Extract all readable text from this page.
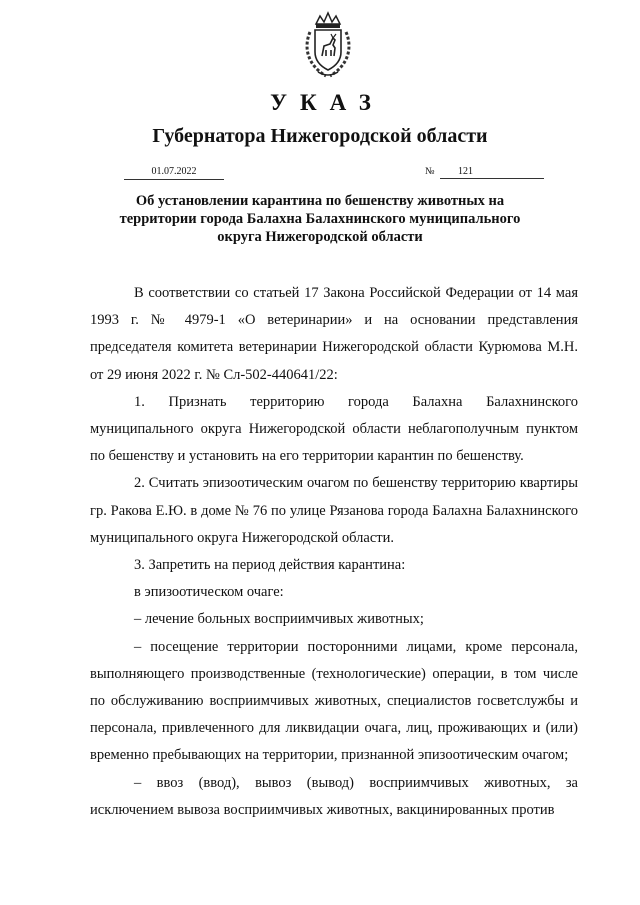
УКАЗ
Губернатора Нижегородской области
01.07.2022	№	121
Об установлении карантина по бешенству животных на
территории города Балахна Балахнинского муниципального
округа Нижегородской области

В соответствии со статьей 17 Закона Российской Федерации от 14 мая 1993 г. № 4979-1 «О ветеринарии» и на основании представления председателя комитета ветеринарии Нижегородской области Курюмова М.Н. от 29 июня 2022 г. № Сл-502-440641/22:

1. Признать территорию города Балахна Балахнинского муниципального округа Нижегородской области неблагополучным пунктом по бешенству и установить на его территории карантин по бешенству.

2. Считать эпизоотическим очагом по бешенству территорию квартиры гр. Ракова Е.Ю. в доме № 76 по улице Рязанова города Балахна Балахнинского муниципального округа Нижегородской области.

3. Запретить на период действия карантина:

в эпизоотическом очаге:

– лечение больных восприимчивых животных;

– посещение территории посторонними лицами, кроме персонала, выполняющего производственные (технологические) операции, в том числе по обслуживанию восприимчивых животных, специалистов госветслужбы и персонала, привлеченного для ликвидации очага, лиц, проживающих и (или) временно пребывающих на территории, признанной эпизоотическим очагом;

– ввоз (ввод), вывоз (вывод) восприимчивых животных, за исключением вывоза восприимчивых животных, вакцинированных против
